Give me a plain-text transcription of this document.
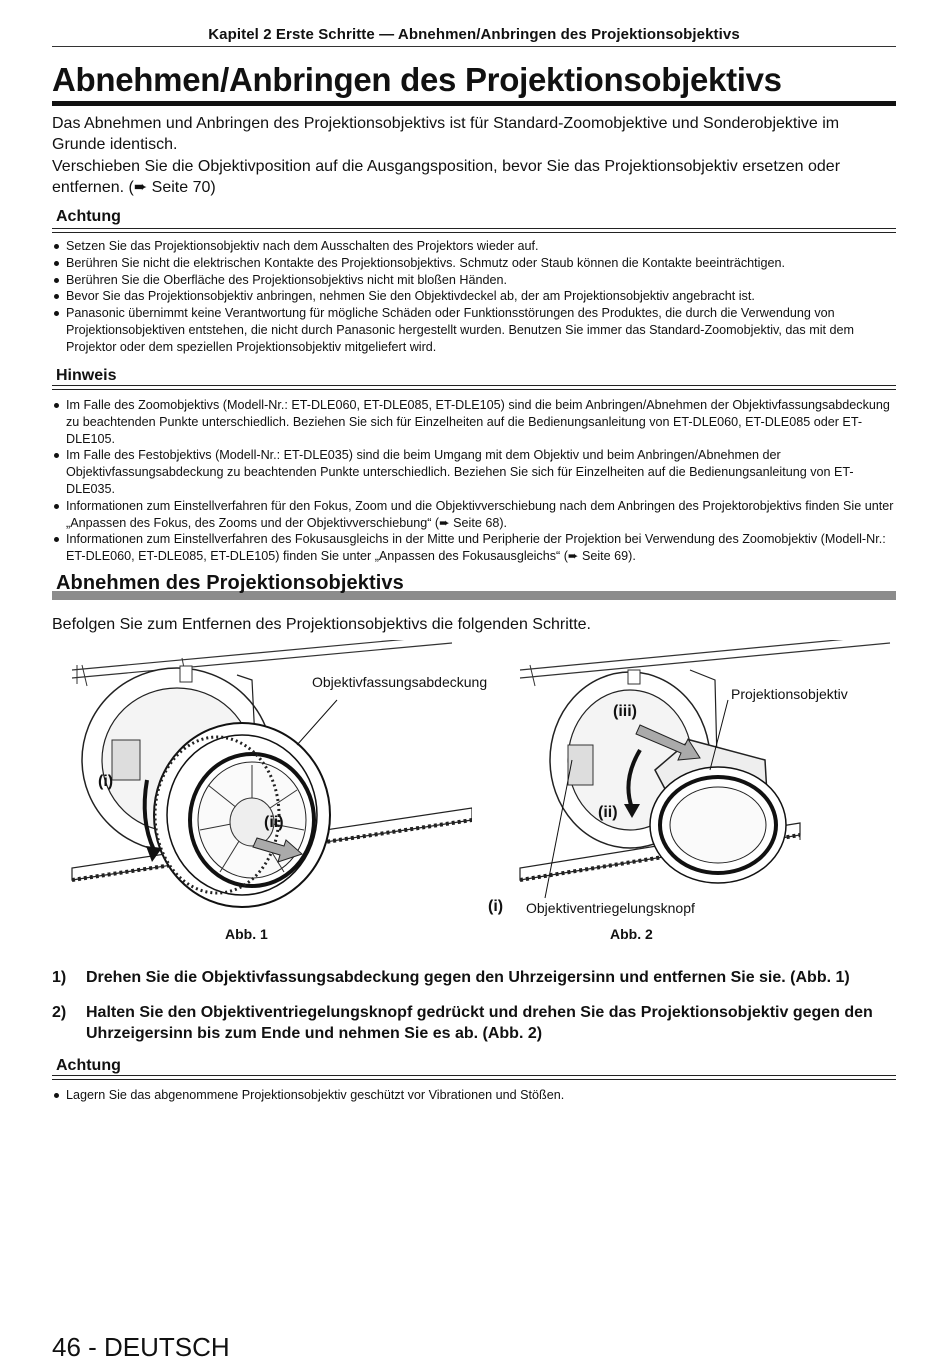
Kapitel 2 Erste Schritte — Abnehmen/Anbringen des Projektionsobjektivs
Abnehmen/Anbringen des Projektionsobjektivs
Das Abnehmen und Anbringen des Projektionsobjektivs ist für Standard-Zoomobjektive und Sonderobjektive im Grunde identisch.
Verschieben Sie die Objektivposition auf die Ausgangsposition, bevor Sie das Projektionsobjektiv ersetzen oder entfernen. (➨ Seite 70)
Achtung
Setzen Sie das Projektionsobjektiv nach dem Ausschalten des Projektors wieder auf.
Berühren Sie nicht die elektrischen Kontakte des Projektionsobjektivs. Schmutz oder Staub können die Kontakte beeinträchtigen.
Berühren Sie die Oberfläche des Projektionsobjektivs nicht mit bloßen Händen.
Bevor Sie das Projektionsobjektiv anbringen, nehmen Sie den Objektivdeckel ab, der am Projektionsobjektiv angebracht ist.
Panasonic übernimmt keine Verantwortung für mögliche Schäden oder Funktionsstörungen des Produktes, die durch die Verwendung von Projektionsobjektiven entstehen, die nicht durch Panasonic hergestellt wurden. Benutzen Sie immer das Standard-Zoomobjektiv, das mit dem Projektor oder dem speziellen Projektionsobjektiv mitgeliefert wird.
Hinweis
Im Falle des Zoomobjektivs (Modell-Nr.: ET-DLE060, ET-DLE085, ET-DLE105) sind die beim Anbringen/Abnehmen der Objektivfassungsabdeckung zu beachtenden Punkte unterschiedlich. Beziehen Sie sich für Einzelheiten auf die Bedienungsanleitung von ET-DLE060, ET-DLE085 oder ET-DLE105.
Im Falle des Festobjektivs (Modell-Nr.: ET-DLE035) sind die beim Umgang mit dem Objektiv und beim Anbringen/Abnehmen der Objektivfassungsabdeckung zu beachtenden Punkte unterschiedlich. Beziehen Sie sich für Einzelheiten auf die Bedienungsanleitung von ET-DLE035.
Informationen zum Einstellverfahren für den Fokus, Zoom und die Objektivverschiebung nach dem Anbringen des Projektorobjektivs finden Sie unter „Anpassen des Fokus, des Zooms und der Objektivverschiebung“ (➨ Seite 68).
Informationen zum Einstellverfahren des Fokusausgleichs in der Mitte und Peripherie der Projektion bei Verwendung des Zoomobjektiv (Modell-Nr.: ET-DLE060, ET-DLE085, ET-DLE105) finden Sie unter „Anpassen des Fokusausgleichs“ (➨ Seite 69).
Abnehmen des Projektionsobjektivs
Befolgen Sie zum Entfernen des Projektionsobjektivs die folgenden Schritte.
(i)
(ii)
Objektivfassungsabdeckung
Abb. 1
(iii)
(ii)
(i)
Projektionsobjektiv
Objektiventriegelungsknopf
Abb. 2
1) Drehen Sie die Objektivfassungsabdeckung gegen den Uhrzeigersinn und entfernen Sie sie. (Abb. 1)
2) Halten Sie den Objektiventriegelungsknopf gedrückt und drehen Sie das Projektionsobjektiv gegen den Uhrzeigersinn bis zum Ende und nehmen Sie es ab. (Abb. 2)
Achtung
Lagern Sie das abgenommene Projektionsobjektiv geschützt vor Vibrationen und Stößen.
46 - DEUTSCH
